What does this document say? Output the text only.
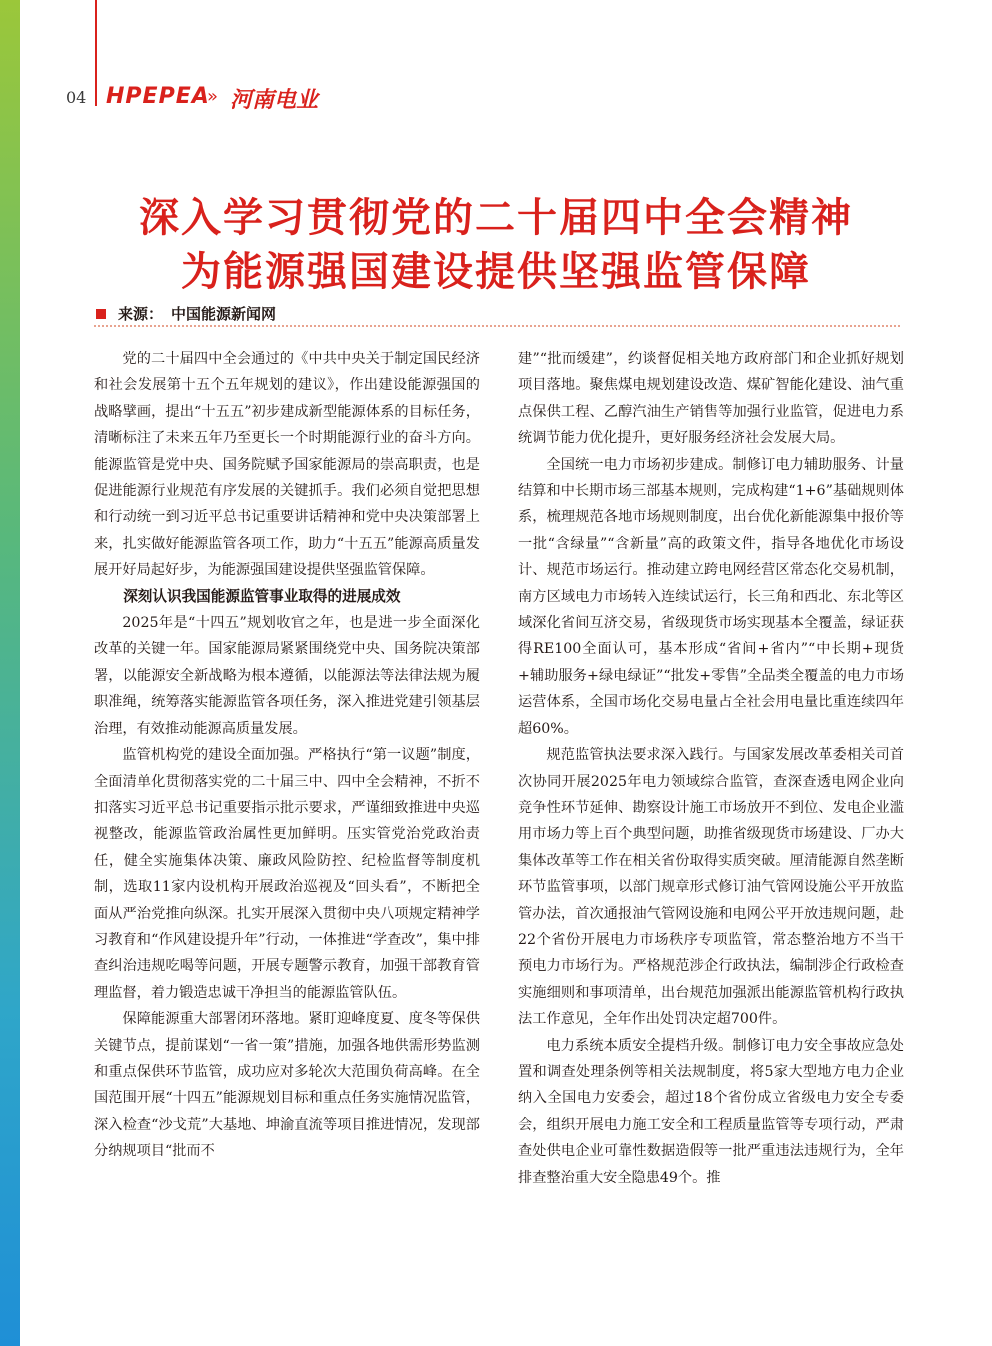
04 HPEPEA
» 河南电业
深入学习贯彻党的二十届四中全会精神
为能源强国建设提供坚强监管保障
来源： 中国能源新闻网

党的二十届四中全会通过的《中共中央关于制定国民经济和社会发展第十五个五年规划的建议》，作出建设能源强国的战略擘画，提出“十五五”初步建成新型能源体系的目标任务，清晰标注了未来五年乃至更长一个时期能源行业的奋斗方向。能源监管是党中央、国务院赋予国家能源局的崇高职责，也是促进能源行业规范有序发展的关键抓手。我们必须自觉把思想和行动统一到习近平总书记重要讲话精神和党中央决策部署上来，扎实做好能源监管各项工作，助力“十五五”能源高质量发展开好局起好步，为能源强国建设提供坚强监管保障。

深刻认识我国能源监管事业取得的进展成效

2025年是“十四五”规划收官之年，也是进一步全面深化改革的关键一年。国家能源局紧紧围绕党中央、国务院决策部署，以能源安全新战略为根本遵循，以能源法等法律法规为履职准绳，统筹落实能源监管各项任务，深入推进党建引领基层治理，有效推动能源高质量发展。

监管机构党的建设全面加强。严格执行“第一议题”制度，全面清单化贯彻落实党的二十届三中、四中全会精神，不折不扣落实习近平总书记重要指示批示要求，严谨细致推进中央巡视整改，能源监管政治属性更加鲜明。压实管党治党政治责任，健全实施集体决策、廉政风险防控、纪检监督等制度机制，选取11家内设机构开展政治巡视及“回头看”，不断把全面从严治党推向纵深。扎实开展深入贯彻中央八项规定精神学习教育和“作风建设提升年”行动，一体推进“学查改”，集中排查纠治违规吃喝等问题，开展专题警示教育，加强干部教育管理监督，着力锻造忠诚干净担当的能源监管队伍。

保障能源重大部署闭环落地。紧盯迎峰度夏、度冬等保供关键节点，提前谋划“一省一策”措施，加强各地供需形势监测和重点保供环节监管，成功应对多轮次大范围负荷高峰。在全国范围开展“十四五”能源规划目标和重点任务实施情况监管，深入检查“沙戈荒”大基地、坤渝直流等项目推进情况，发现部分纳规项目“批而不

建”“批而缓建”，约谈督促相关地方政府部门和企业抓好规划项目落地。聚焦煤电规划建设改造、煤矿智能化建设、油气重点保供工程、乙醇汽油生产销售等加强行业监管，促进电力系统调节能力优化提升，更好服务经济社会发展大局。

全国统一电力市场初步建成。制修订电力辅助服务、计量结算和中长期市场三部基本规则，完成构建“1+6”基础规则体系，梳理规范各地市场规则制度，出台优化新能源集中报价等一批“含绿量”“含新量”高的政策文件，指导各地优化市场设计、规范市场运行。推动建立跨电网经营区常态化交易机制，南方区域电力市场转入连续试运行，长三角和西北、东北等区域深化省间互济交易，省级现货市场实现基本全覆盖，绿证获得RE100全面认可，基本形成“省间+省内”“中长期+现货+辅助服务+绿电绿证”“批发+零售”全品类全覆盖的电力市场运营体系，全国市场化交易电量占全社会用电量比重连续四年超60%。

规范监管执法要求深入践行。与国家发展改革委相关司首次协同开展2025年电力领域综合监管，查深查透电网企业向竞争性环节延伸、勘察设计施工市场放开不到位、发电企业滥用市场力等上百个典型问题，助推省级现货市场建设、厂办大集体改革等工作在相关省份取得实质突破。厘清能源自然垄断环节监管事项，以部门规章形式修订油气管网设施公平开放监管办法，首次通报油气管网设施和电网公平开放违规问题，赴22个省份开展电力市场秩序专项监管，常态整治地方不当干预电力市场行为。严格规范涉企行政执法，编制涉企行政检查实施细则和事项清单，出台规范加强派出能源监管机构行政执法工作意见，全年作出处罚决定超700件。

电力系统本质安全提档升级。制修订电力安全事故应急处置和调查处理条例等相关法规制度，将5家大型地方电力企业纳入全国电力安委会，超过18个省份成立省级电力安全专委会，组织开展电力施工安全和工程质量监管等专项行动，严肃查处供电企业可靠性数据造假等一批严重违法违规行为，全年排查整治重大安全隐患49个。推
